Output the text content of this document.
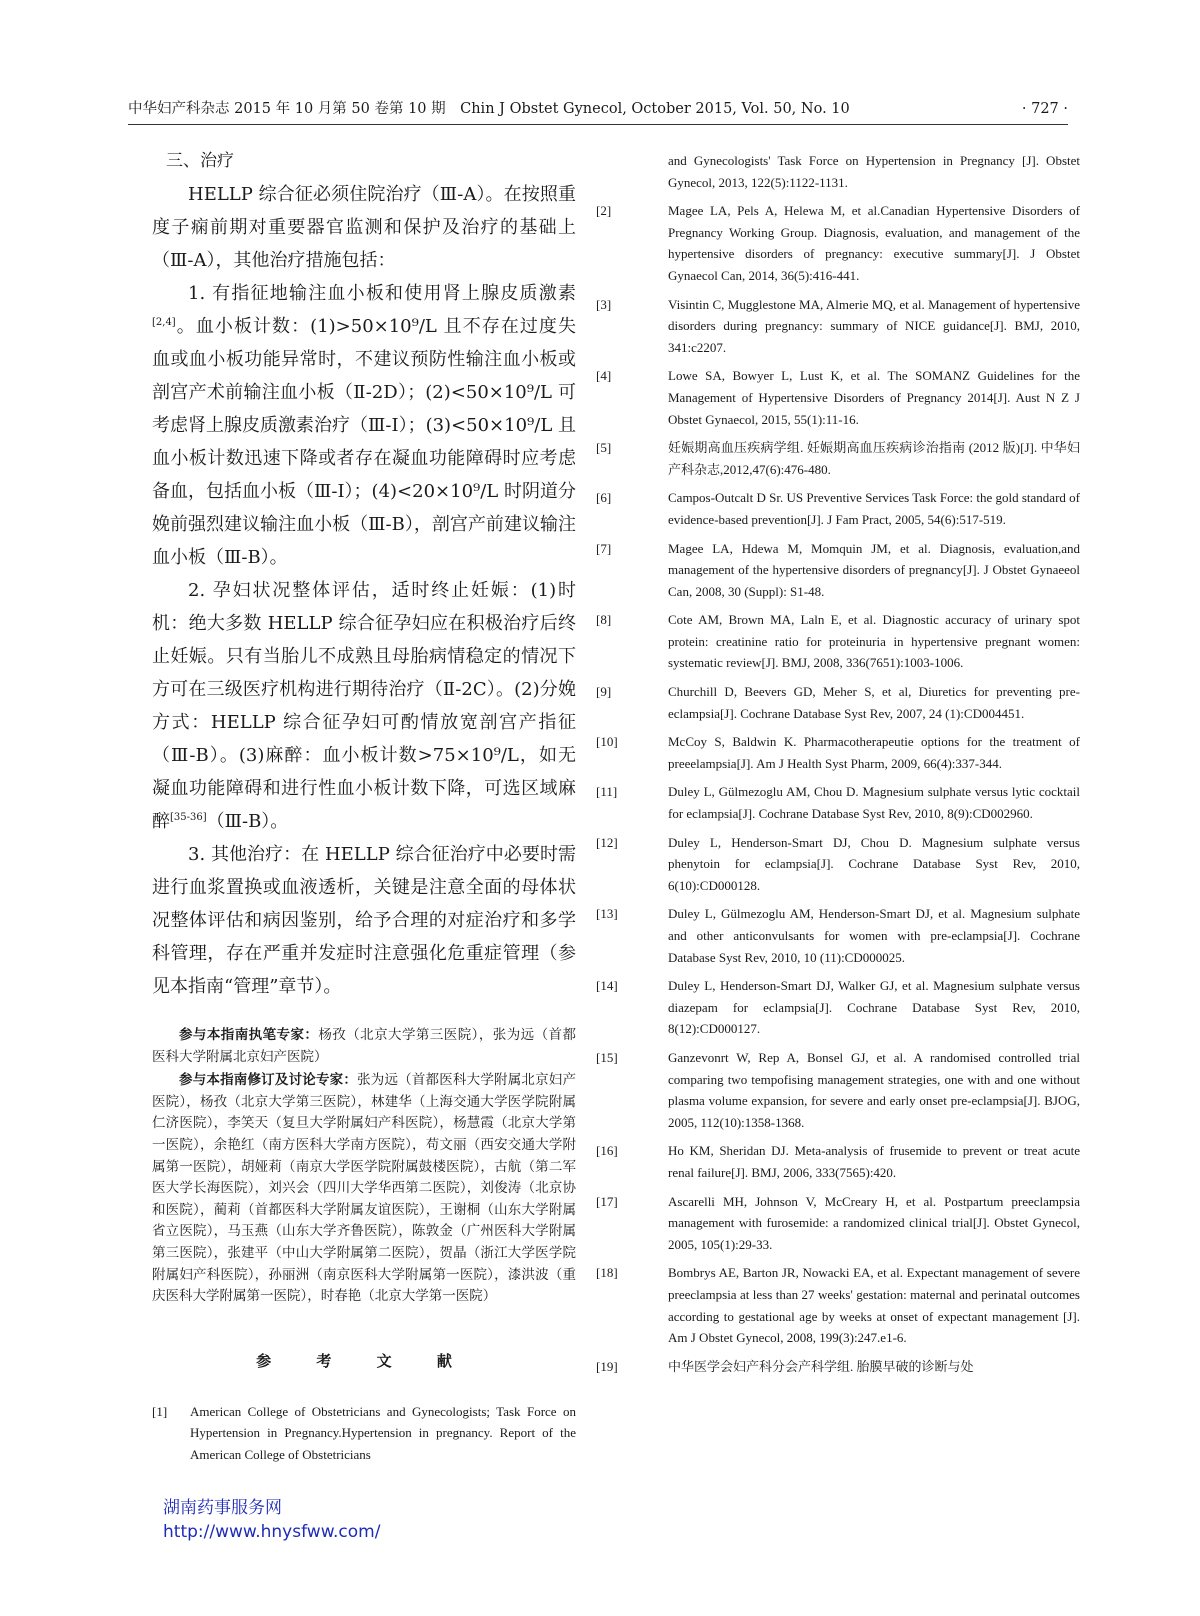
中华妇产科杂志 2015 年 10 月第 50 卷第 10 期　Chin J Obstet Gynecol, October 2015, Vol. 50, No. 10	· 727 ·
三、治疗

HELLP 综合征必须住院治疗（Ⅲ-A）。在按照重度子痫前期对重要器官监测和保护及治疗的基础上（Ⅲ-A），其他治疗措施包括：

1. 有指征地输注血小板和使用肾上腺皮质激素[2,4]。血小板计数：(1)>50×10⁹/L 且不存在过度失血或血小板功能异常时，不建议预防性输注血小板或剖宫产术前输注血小板（Ⅱ-2D）；(2)<50×10⁹/L 可考虑肾上腺皮质激素治疗（Ⅲ-I）；(3)<50×10⁹/L 且血小板计数迅速下降或者存在凝血功能障碍时应考虑备血，包括血小板（Ⅲ-I）；(4)<20×10⁹/L 时阴道分娩前强烈建议输注血小板（Ⅲ-B），剖宫产前建议输注血小板（Ⅲ-B）。

2. 孕妇状况整体评估，适时终止妊娠：(1)时机：绝大多数 HELLP 综合征孕妇应在积极治疗后终止妊娠。只有当胎儿不成熟且母胎病情稳定的情况下方可在三级医疗机构进行期待治疗（Ⅱ-2C）。(2)分娩方式：HELLP 综合征孕妇可酌情放宽剖宫产指征（Ⅲ-B）。(3)麻醉：血小板计数>75×10⁹/L，如无凝血功能障碍和进行性血小板计数下降，可选区域麻醉[35-36]（Ⅲ-B）。

3. 其他治疗：在 HELLP 综合征治疗中必要时需进行血浆置换或血液透析，关键是注意全面的母体状况整体评估和病因鉴别，给予合理的对症治疗和多学科管理，存在严重并发症时注意强化危重症管理（参见本指南“管理”章节）。

参与本指南执笔专家：杨孜（北京大学第三医院），张为远（首都医科大学附属北京妇产医院）

参与本指南修订及讨论专家：张为远（首都医科大学附属北京妇产医院），杨孜（北京大学第三医院），林建华（上海交通大学医学院附属仁济医院），李笑天（复旦大学附属妇产科医院），杨慧霞（北京大学第一医院），余艳红（南方医科大学南方医院），苟文丽（西安交通大学附属第一医院），胡娅莉（南京大学医学院附属鼓楼医院），古航（第二军医大学长海医院），刘兴会（四川大学华西第二医院），刘俊涛（北京协和医院），蔺莉（首都医科大学附属友谊医院），王谢桐（山东大学附属省立医院），马玉燕（山东大学齐鲁医院），陈敦金（广州医科大学附属第三医院），张建平（中山大学附属第二医院），贺晶（浙江大学医学院附属妇产科医院），孙丽洲（南京医科大学附属第一医院），漆洪波（重庆医科大学附属第一医院），时春艳（北京大学第一医院）

参 考 文 献
[1] American College of Obstetricians and Gynecologists; Task Force on Hypertension in Pregnancy.Hypertension in pregnancy. Report of the American College of Obstetricians
and Gynecologists' Task Force on Hypertension in Pregnancy [J]. Obstet Gynecol, 2013, 122(5):1122-1131.
[2]	Magee LA, Pels A, Helewa M, et al.Canadian Hypertensive Disorders of Pregnancy Working Group. Diagnosis, evaluation, and management of the hypertensive disorders of pregnancy: executive summary[J]. J Obstet Gynaecol Can, 2014, 36(5):416-441.
[3]	Visintin C, Mugglestone MA, Almerie MQ, et al. Management of hypertensive disorders during pregnancy: summary of NICE guidance[J]. BMJ, 2010, 341:c2207.
[4]	Lowe SA, Bowyer L, Lust K, et al. The SOMANZ Guidelines for the Management of Hypertensive Disorders of Pregnancy 2014[J]. Aust N Z J Obstet Gynaecol, 2015, 55(1):11-16.
[5]	妊娠期高血压疾病学组. 妊娠期高血压疾病诊治指南 (2012 版)[J]. 中华妇产科杂志,2012,47(6):476-480.
[6]	Campos-Outcalt D Sr. US Preventive Services Task Force: the gold standard of evidence-based prevention[J]. J Fam Pract, 2005, 54(6):517-519.
[7]	Magee LA, Hdewa M, Momquin JM, et al. Diagnosis, evaluation,and management of the hypertensive disorders of pregnancy[J]. J Obstet Gynaeeol Can, 2008, 30 (Suppl): S1-48.
[8]	Cote AM, Brown MA, Laln E, et al. Diagnostic accuracy of urinary spot protein: creatinine ratio for proteinuria in hypertensive pregnant women: systematic review[J]. BMJ, 2008, 336(7651):1003-1006.
[9]	Churchill D, Beevers GD, Meher S, et al, Diuretics for preventing pre-eclampsia[J]. Cochrane Database Syst Rev, 2007, 24 (1):CD004451.
[10]	McCoy S, Baldwin K. Pharmacotherapeutie options for the treatment of preeelampsia[J]. Am J Health Syst Pharm, 2009, 66(4):337-344.
[11]	Duley L, Gülmezoglu AM, Chou D. Magnesium sulphate versus lytic cocktail for eclampsia[J]. Cochrane Database Syst Rev, 2010, 8(9):CD002960.
[12]	Duley L, Henderson-Smart DJ, Chou D. Magnesium sulphate versus phenytoin for eclampsia[J]. Cochrane Database Syst Rev, 2010, 6(10):CD000128.
[13]	Duley L, Gülmezoglu AM, Henderson-Smart DJ, et al. Magnesium sulphate and other anticonvulsants for women with pre-eclampsia[J]. Cochrane Database Syst Rev, 2010, 10 (11):CD000025.
[14]	Duley L, Henderson-Smart DJ, Walker GJ, et al. Magnesium sulphate versus diazepam for eclampsia[J]. Cochrane Database Syst Rev, 2010, 8(12):CD000127.
[15]	Ganzevonrt W, Rep A, Bonsel GJ, et al. A randomised controlled trial comparing two tempofising management strategies, one with and one without plasma volume expansion, for severe and early onset pre-eclampsia[J]. BJOG, 2005, 112(10):1358-1368.
[16]	Ho KM, Sheridan DJ. Meta-analysis of frusemide to prevent or treat acute renal failure[J]. BMJ, 2006, 333(7565):420.
[17]	Ascarelli MH, Johnson V, McCreary H, et al. Postpartum preeclampsia management with furosemide: a randomized clinical trial[J]. Obstet Gynecol, 2005, 105(1):29-33.
[18]	Bombrys AE, Barton JR, Nowacki EA, et al. Expectant management of severe preeclampsia at less than 27 weeks' gestation: maternal and perinatal outcomes according to gestational age by weeks at onset of expectant management [J]. Am J Obstet Gynecol, 2008, 199(3):247.e1-6.
[19]	中华医学会妇产科分会产科学组. 胎膜早破的诊断与处
湖南药事服务网
http://www.hnysfww.com/
